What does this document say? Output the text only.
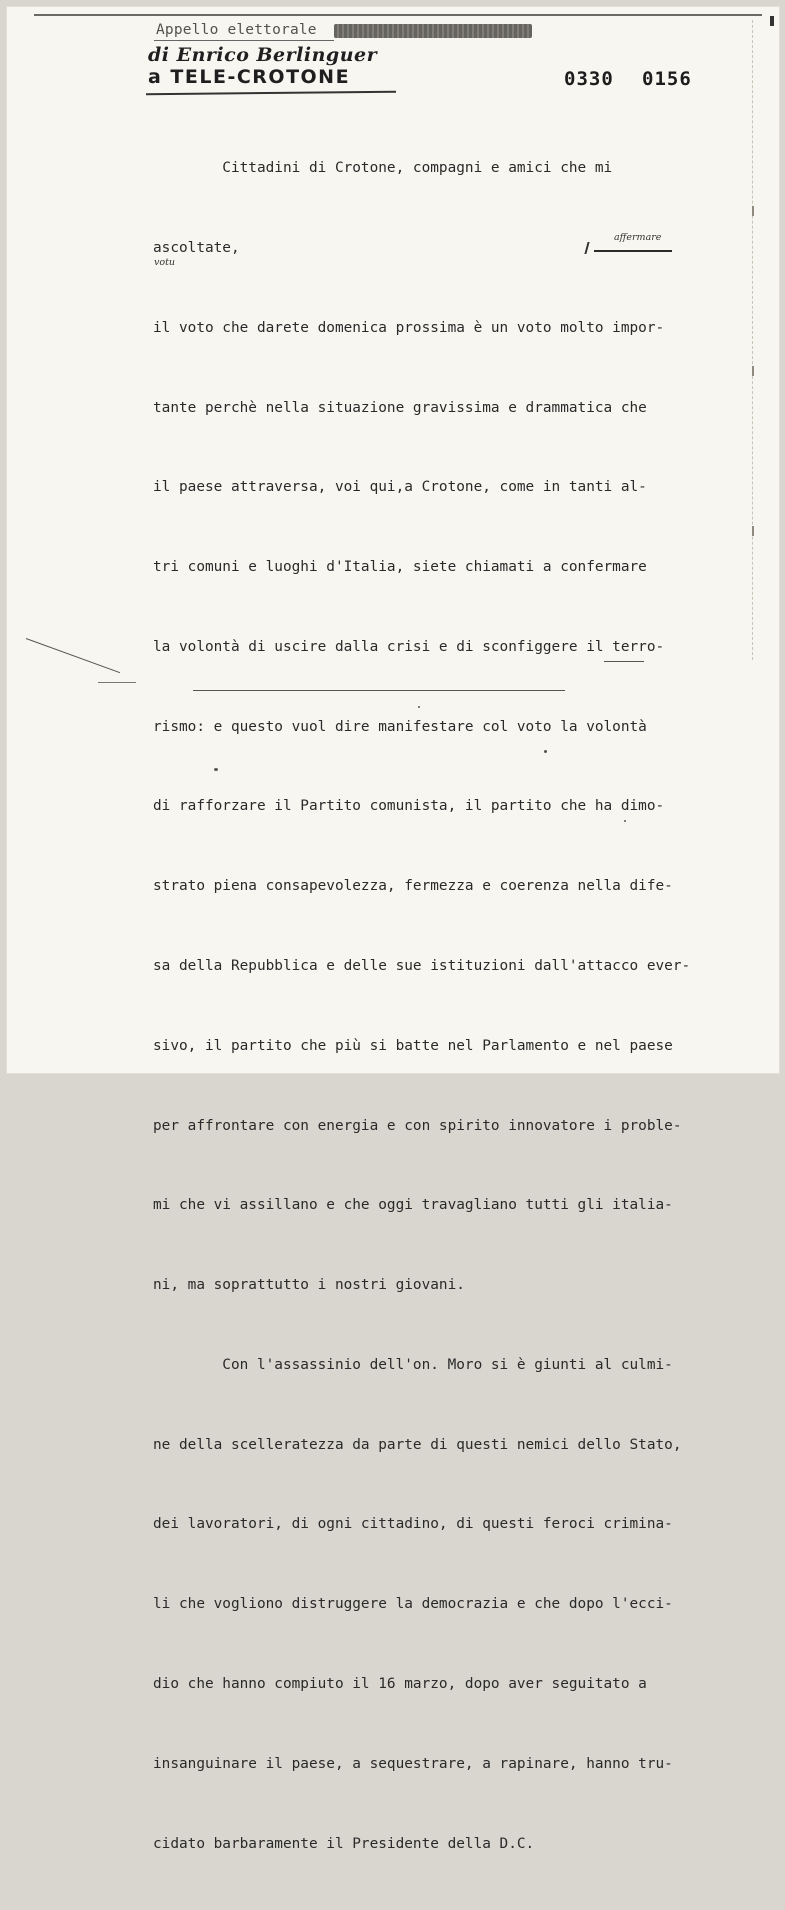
Appello elettorale
di Enrico Berlinguer
a TELE-CROTONE	0330 0156

Cittadini di Crotone, compagni e amici che mi

ascoltate,

il voto che darete domenica prossima è un voto molto impor-

tante perchè nella situazione gravissima e drammatica che

il paese attraversa, voi qui,a Crotone, come in tanti al-

tri comuni e luoghi d'Italia, siete chiamati a confermare

la volontà di uscire dalla crisi e di sconfiggere il terro-

rismo: e questo vuol dire manifestare col voto la volontà

di rafforzare il Partito comunista, il partito che ha dimo-

strato piena consapevolezza, fermezza e coerenza nella dife-

sa della Repubblica e delle sue istituzioni dall'attacco ever-

sivo, il partito che più si batte nel Parlamento e nel paese

per affrontare con energia e con spirito innovatore i proble-

mi che vi assillano e che oggi travagliano tutti gli italia-

ni, ma soprattutto i nostri giovani.

Con l'assassinio dell'on. Moro si è giunti al culmi-

ne della scelleratezza da parte di questi nemici dello Stato,

dei lavoratori, di ogni cittadino, di questi feroci crimina-

li che vogliono distruggere la democrazia e che dopo l'ecci-

dio che hanno compiuto il 16 marzo, dopo aver seguitato a

insanguinare il paese, a sequestrare, a rapinare, hanno tru-

cidato barbaramente il Presidente della D.C.

affermare
votu
